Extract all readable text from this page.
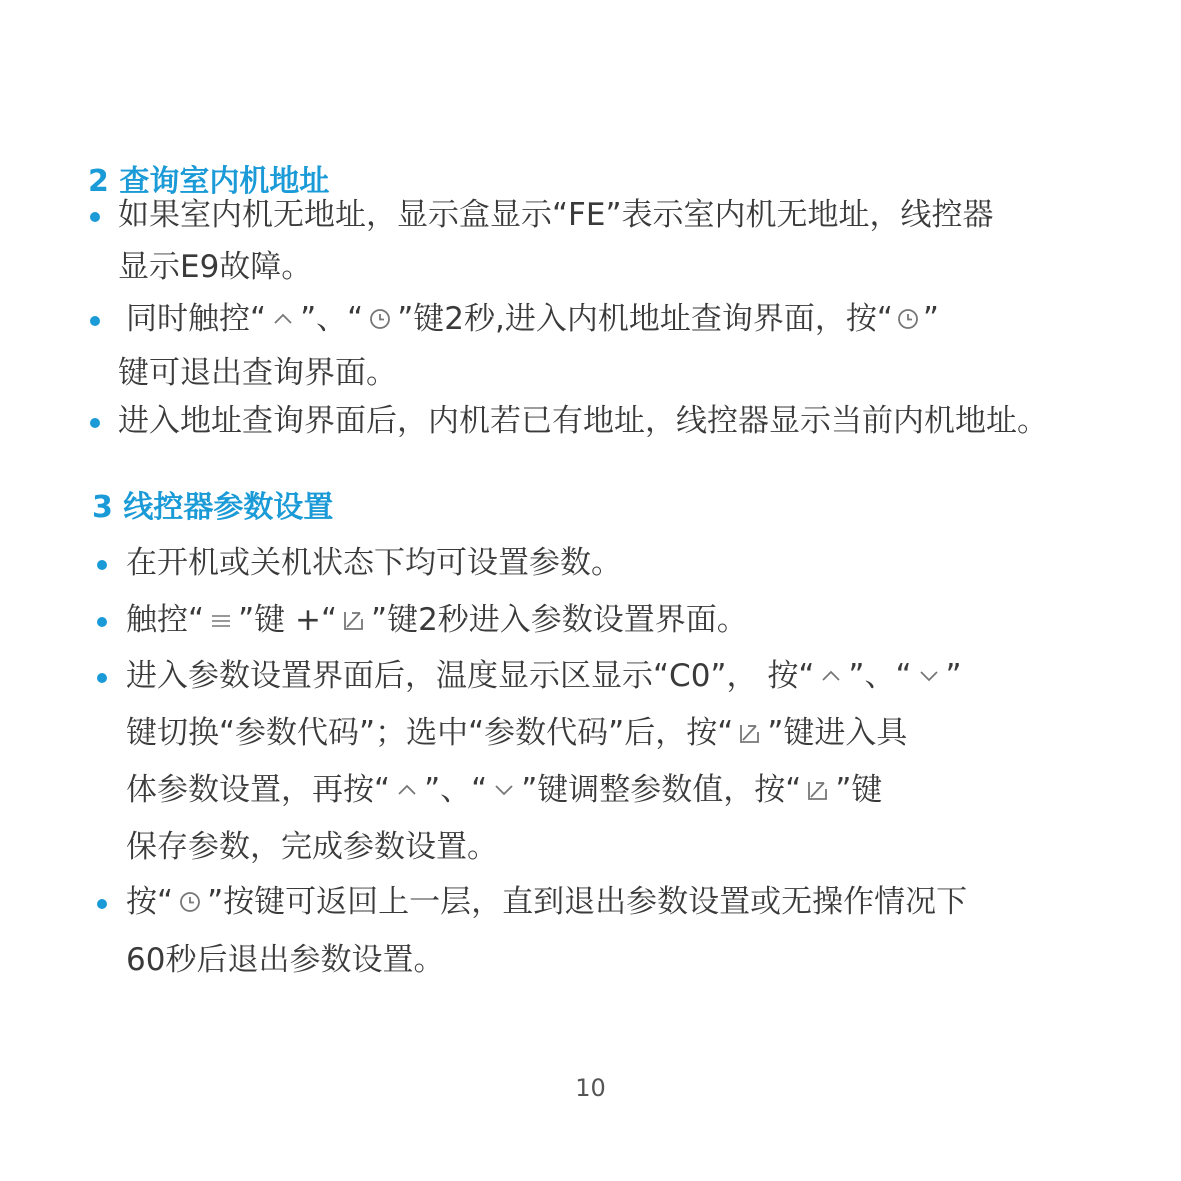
2 查询室内机地址
如果室内机无地址，显示盒显示“FE”表示室内机无地址，线控器
显示E9故障。
同时触控“ ”、“ ”键2秒,进入内机地址查询界面，按“ ”
键可退出查询界面。
进入地址查询界面后，内机若已有地址，线控器显示当前内机地址。
3 线控器参数设置
在开机或关机状态下均可设置参数。
触控“ ”键 +“ ”键2秒进入参数设置界面。
进入参数设置界面后，温度显示区显示“C0”， 按“ ”、“ ”
键切换“参数代码”；选中“参数代码”后，按“ ”键进入具
体参数设置，再按“ ”、“ ”键调整参数值，按“ ”键
保存参数，完成参数设置。
按“ ”按键可返回上一层，直到退出参数设置或无操作情况下
60秒后退出参数设置。
10
